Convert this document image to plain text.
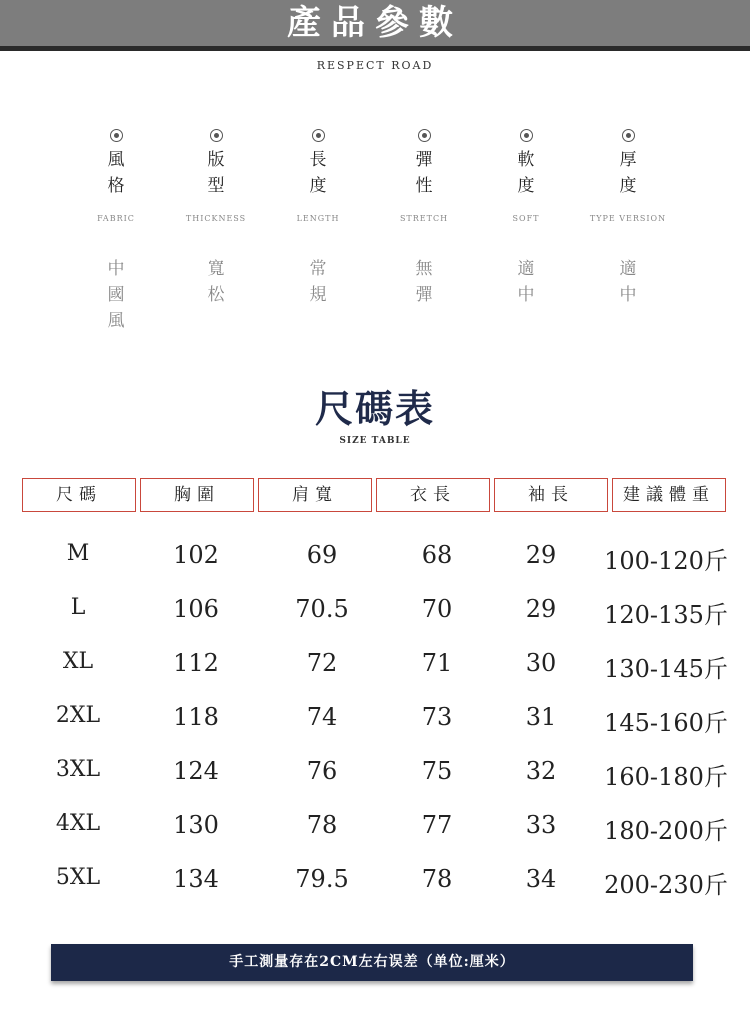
產品參數
RESPECT ROAD
風
格
FABRIC
中
國
風
版
型
THICKNESS
寬
松
長
度
LENGTH
常
規
彈
性
STRETCH
無
彈
軟
度
SOFT
適
中
厚
度
TYPE VERSION
適
中
尺碼表
SIZE TABLE
尺碼	胸圍	肩寬	衣長	袖長	建議體重
M	102	69	68	29	100-120斤
L	106	70.5	70	29	120-135斤
XL	112	72	71	30	130-145斤
2XL	118	74	73	31	145-160斤
3XL	124	76	75	32	160-180斤
4XL	130	78	77	33	180-200斤
5XL	134	79.5	78	34	200-230斤
手工測量存在2CM左右误差（单位:厘米）
